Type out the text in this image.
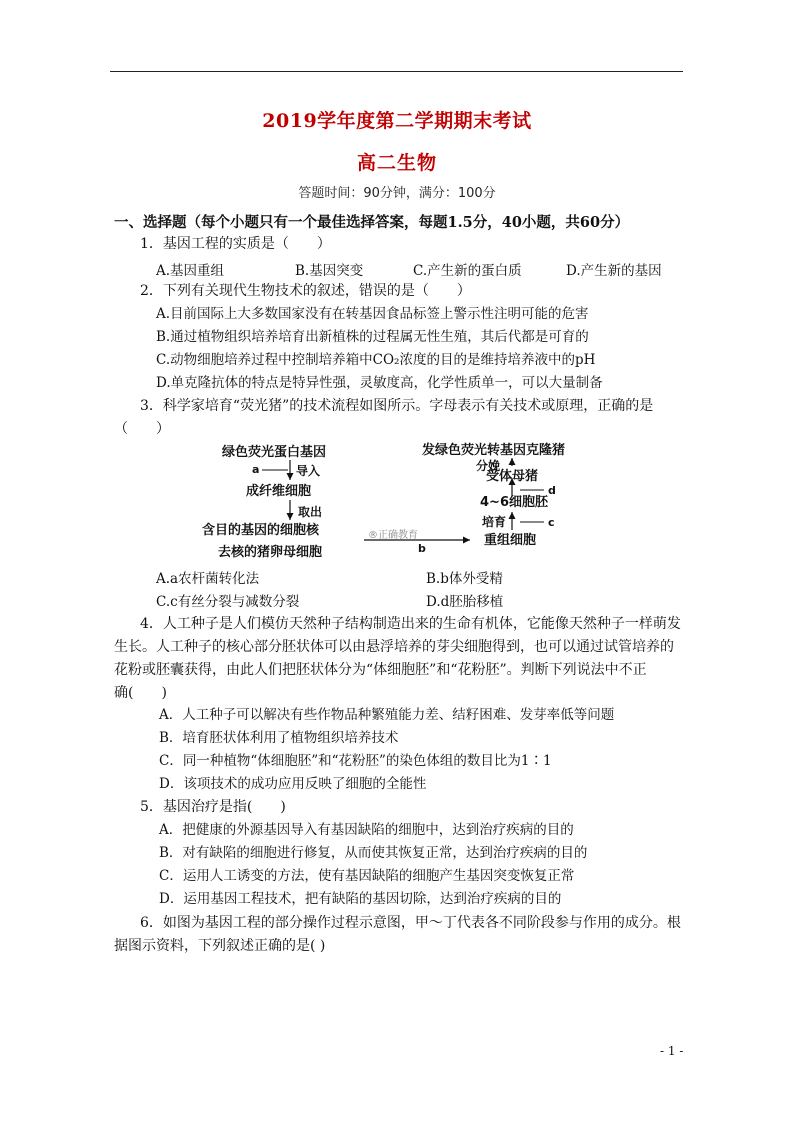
2019学年度第二学期期末考试
高二生物
答题时间：90分钟，满分：100分
一、选择题（每个小题只有一个最佳选择答案，每题1.5分，40小题，共60分）
1．基因工程的实质是（　　）
A.基因重组	B.基因突变	C.产生新的蛋白质	D.产生新的基因
2．下列有关现代生物技术的叙述，错误的是（　　）
A.目前国际上大多数国家没有在转基因食品标签上警示性注明可能的危害
B.通过植物组织培养培育出新植株的过程属无性生殖，其后代都是可育的
C.动物细胞培养过程中控制培养箱中CO₂浓度的目的是维持培养液中的pH
D.单克隆抗体的特点是特异性强，灵敏度高，化学性质单一，可以大量制备
3．科学家培育“荧光猪”的技术流程如图所示。字母表示有关技术或原理，正确的是
（　　）
绿色荧光蛋白基因
a	导入
成纤维细胞
取出
含目的基因的细胞核
去核的猪卵母细胞
®正确教育
b
重组细胞
培育	c
4~6细胞胚
d
受体母猪
分娩
发绿色荧光转基因克隆猪
A.a农杆菌转化法	B.b体外受精
C.c有丝分裂与减数分裂	D.d胚胎移植
4．人工种子是人们模仿天然种子结构制造出来的生命有机体，它能像天然种子一样萌发
生长。人工种子的核心部分胚状体可以由悬浮培养的芽尖细胞得到，也可以通过试管培养的
花粉或胚囊获得，由此人们把胚状体分为“体细胞胚”和“花粉胚”。判断下列说法中不正
确(　　)
A．人工种子可以解决有些作物品种繁殖能力差、结籽困难、发芽率低等问题
B．培育胚状体利用了植物组织培养技术
C．同一种植物“体细胞胚”和“花粉胚”的染色体组的数目比为1∶1
D．该项技术的成功应用反映了细胞的全能性
5．基因治疗是指(　　)
A．把健康的外源基因导入有基因缺陷的细胞中，达到治疗疾病的目的
B．对有缺陷的细胞进行修复，从而使其恢复正常，达到治疗疾病的目的
C．运用人工诱变的方法，使有基因缺陷的细胞产生基因突变恢复正常
D．运用基因工程技术，把有缺陷的基因切除，达到治疗疾病的目的
6．如图为基因工程的部分操作过程示意图，甲～丁代表各不同阶段参与作用的成分。根
据图示资料，下列叙述正确的是( )
- 1 -
